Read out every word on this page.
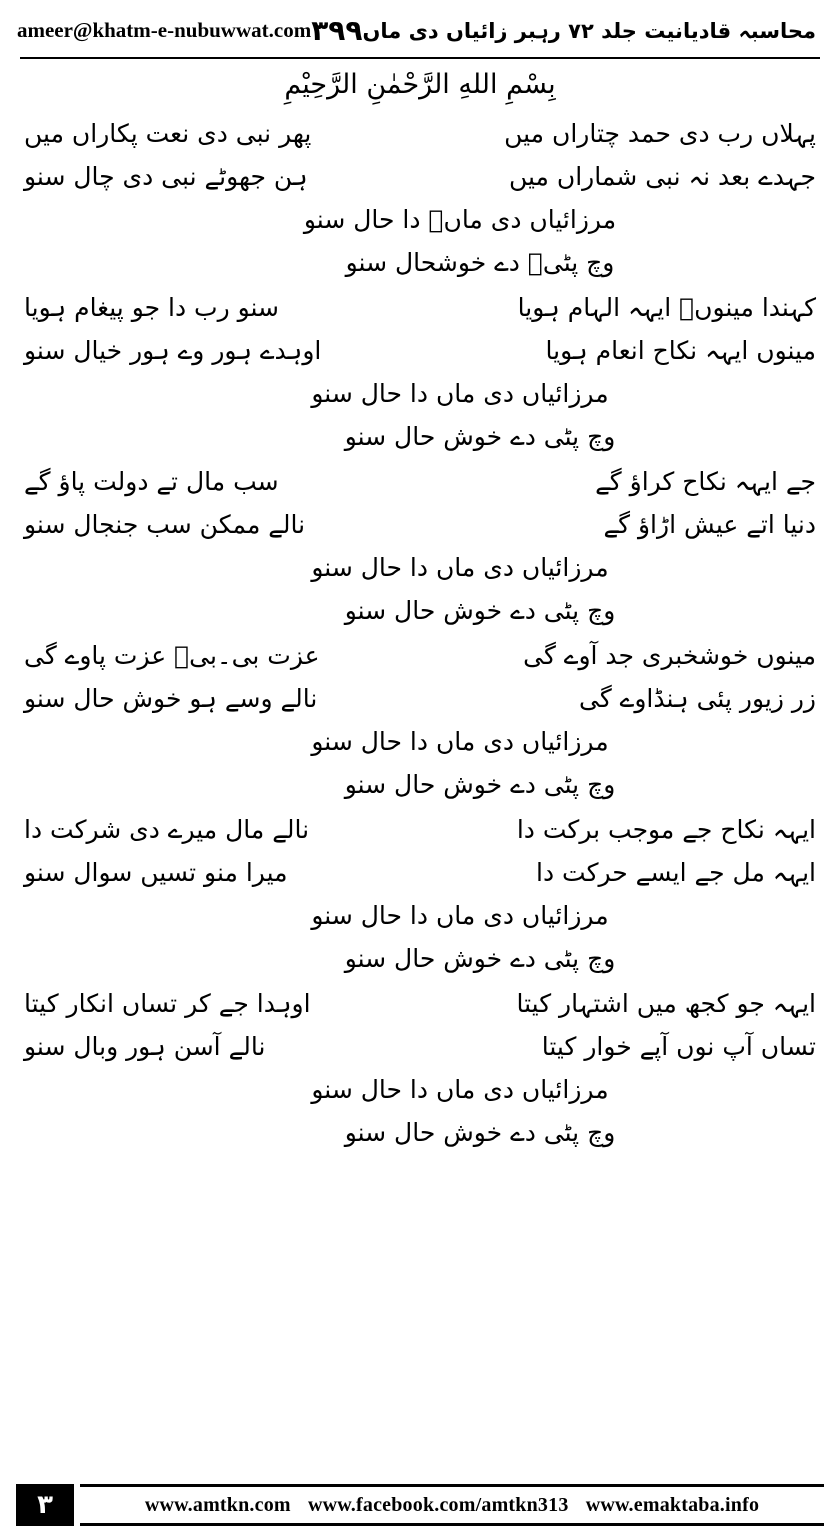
محاسبہ قادیانیت جلد ۷۲ رہبر زائیاں دی ماں
۳۹۹
ameer@khatm-e-nubuwwat.com
بِسْمِ اللهِ الرَّحْمٰنِ الرَّحِيْمِ
پہلاں رب دی حمد چتاراں میں
پھر نبی دی نعت پکاراں میں
جہدے بعد نہ نبی شماراں میں
ہن جھوٹے نبی دی چال سنو
مرزائیاں دی ماںؑ دا حال سنو
وچ پٹیؑ دے خوشحال سنو
کہندا مینوںؑ ایہہ الہام ہویا
سنو رب دا جو پیغام ہویا
مینوں ایہہ نکاح انعام ہویا
اوہدے ہور وے ہور خیال سنو
مرزائیاں دی ماں دا حال سنو
وچ پٹی دے خوش حال سنو
جے ایہہ نکاح کراؤ گے
سب مال تے دولت پاؤ گے
دنیا اتے عیش اڑاؤ گے
نالے ممکن سب جنجال سنو
مرزائیاں دی ماں دا حال سنو
وچ پٹی دے خوش حال سنو
مینوں خوشخبری جد آوے گی
عزت بی۔بیؑ عزت پاوے گی
زر زیور پئی ہنڈاوے گی
نالے وسے ہو خوش حال سنو
مرزائیاں دی ماں دا حال سنو
وچ پٹی دے خوش حال سنو
ایہہ نکاح جے موجب برکت دا
نالے مال میرے دی شرکت دا
ایہہ مل جے ایسے حرکت دا
میرا منو تسیں سوال سنو
مرزائیاں دی ماں دا حال سنو
وچ پٹی دے خوش حال سنو
ایہہ جو کجھ میں اشتہار کیتا
اوہدا جے کر تساں انکار کیتا
تساں آپ نوں آپے خوار کیتا
نالے آسن ہور وبال سنو
مرزائیاں دی ماں دا حال سنو
وچ پٹی دے خوش حال سنو
۳	www.amtkn.com www.facebook.com/amtkn313 www.emaktaba.info
